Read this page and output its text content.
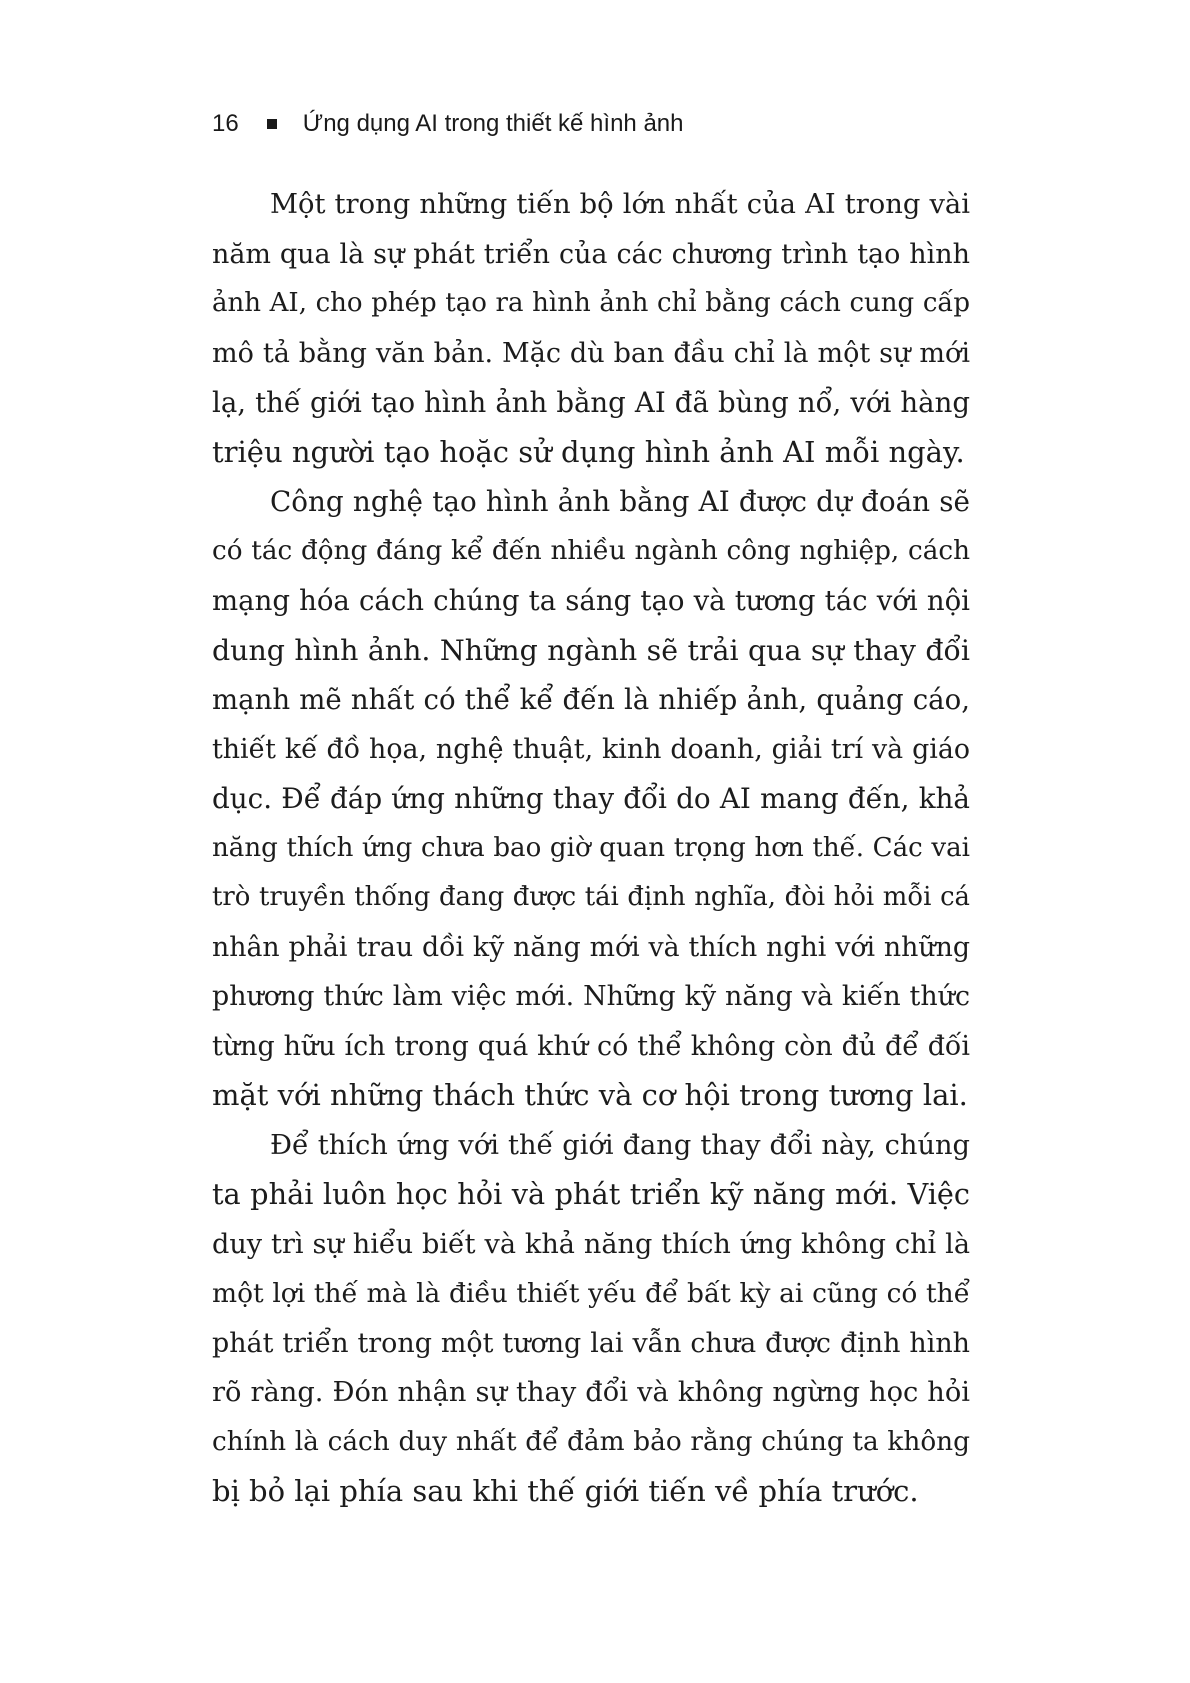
16	Ứng dụng AI trong thiết kế hình ảnh
Một trong những tiến bộ lớn nhất của AI trong vài
năm qua là sự phát triển của các chương trình tạo hình
ảnh AI, cho phép tạo ra hình ảnh chỉ bằng cách cung cấp
mô tả bằng văn bản. Mặc dù ban đầu chỉ là một sự mới
lạ, thế giới tạo hình ảnh bằng AI đã bùng nổ, với hàng
triệu người tạo hoặc sử dụng hình ảnh AI mỗi ngày.
Công nghệ tạo hình ảnh bằng AI được dự đoán sẽ
có tác động đáng kể đến nhiều ngành công nghiệp, cách
mạng hóa cách chúng ta sáng tạo và tương tác với nội
dung hình ảnh. Những ngành sẽ trải qua sự thay đổi
mạnh mẽ nhất có thể kể đến là nhiếp ảnh, quảng cáo,
thiết kế đồ họa, nghệ thuật, kinh doanh, giải trí và giáo
dục. Để đáp ứng những thay đổi do AI mang đến, khả
năng thích ứng chưa bao giờ quan trọng hơn thế. Các vai
trò truyền thống đang được tái định nghĩa, đòi hỏi mỗi cá
nhân phải trau dồi kỹ năng mới và thích nghi với những
phương thức làm việc mới. Những kỹ năng và kiến thức
từng hữu ích trong quá khứ có thể không còn đủ để đối
mặt với những thách thức và cơ hội trong tương lai.
Để thích ứng với thế giới đang thay đổi này, chúng
ta phải luôn học hỏi và phát triển kỹ năng mới. Việc
duy trì sự hiểu biết và khả năng thích ứng không chỉ là
một lợi thế mà là điều thiết yếu để bất kỳ ai cũng có thể
phát triển trong một tương lai vẫn chưa được định hình
rõ ràng. Đón nhận sự thay đổi và không ngừng học hỏi
chính là cách duy nhất để đảm bảo rằng chúng ta không
bị bỏ lại phía sau khi thế giới tiến về phía trước.
